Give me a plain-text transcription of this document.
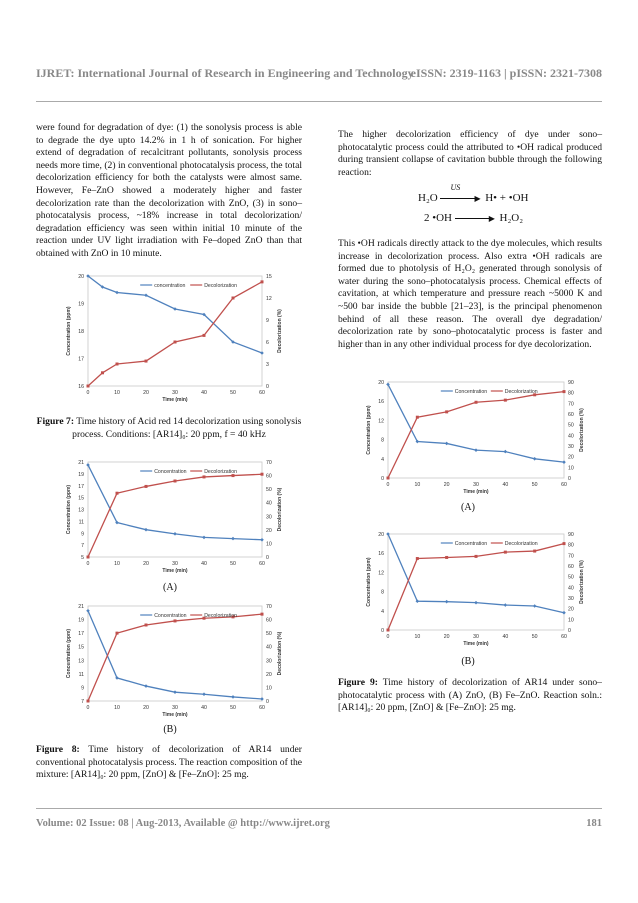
IJRET: International Journal of Research in Engineering and Technology
eISSN: 2319-1163 | pISSN: 2321-7308

were found for degradation of dye: (1) the sonolysis process is able to degrade the dye upto 14.2% in 1 h of sonication. For higher extend of degradation of recalcitrant pollutants, sonolysis process needs more time, (2) in conventional photocatalysis process, the total decolorization efficiency for both the catalysts were almost same. However, Fe–ZnO showed a moderately higher and faster decolorization rate than the decolorization with ZnO, (3) in sono–photocatalysis process, ~18% increase in total decolorization/ degradation efficiency was seen within initial 10 minute of the reaction under UV light irradiation with Fe–doped ZnO than that obtained with ZnO in 10 minute.

16
17
18
19
20
0
3
6
9
12
15
0	10	20	30	40	50	60
Time (min)
Concentration (ppm)	Decolorization (%)
concentration	Decolorization
Figure 7: Time history of Acid red 14 decolorization using sonolysis process. Conditions: [AR14]₀: 20 ppm, f = 40 kHz
5
7
9
11
13
15
17
19
21
0
10
20
30
40
50
60
70
0	10	20	30	40	50	60
Time (min)
Concentration (ppm)	Decolorization (%)
Concentration	Decolorization
(A)
7
9
11
13
15
17
19
21
0
10
20
30
40
50
60
70
0	10	20	30	40	50	60
Time (min)
Concentration (ppm)	Decolorization (%)
Concentration	Decolorization
(B)
Figure 8: Time history of decolorization of AR14 under conventional photocatalysis process. The reaction composition of the mixture: [AR14]₀: 20 ppm, [ZnO] & [Fe–ZnO]: 25 mg.

The higher decolorization efficiency of dye under sono–photocatalytic process could the attributed to •OH radical produced during transient collapse of cavitation bubble through the following reaction:

H₂O
US
▶ H• + •OH
2 •OH	▶ H₂O₂

This •OH radicals directly attack to the dye molecules, which results increase in decolorization process. Also extra •OH radicals are formed due to photolysis of H₂O₂ generated through sonolysis of water during the sono–photocatalysis process. Chemical effects of cavitation, at which temperature and pressure reach ~5000 K and ~500 bar inside the bubble [21–23], is the principal phenomenon behind of all these reason. The overall dye degradation/ decolorization rate by sono–photocatalytic process is faster and higher than in any other individual process for dye decolorization.

0
4
8
12
16
20
0
10
20
30
40
50
60
70
80
90
0	10	20	30	40	50	60
Time (min)
Concentration (ppm)	Decolorization (%)
Concentration	Decolorization
(A)
0
4
8
12
16
20
0
10
20
30
40
50
60
70
80
90
0	10	20	30	40	50	60
Time (min)
Concentration (ppm)	Decolorization (%)
Concentration	Decolorization
(B)
Figure 9: Time history of decolorization of AR14 under sono–photocatalytic process with (A) ZnO, (B) Fe–ZnO. Reaction soln.: [AR14]₀: 20 ppm, [ZnO] & [Fe–ZnO]: 25 mg.
Volume: 02 Issue: 08 | Aug-2013, Available @ http://www.ijret.org	181
